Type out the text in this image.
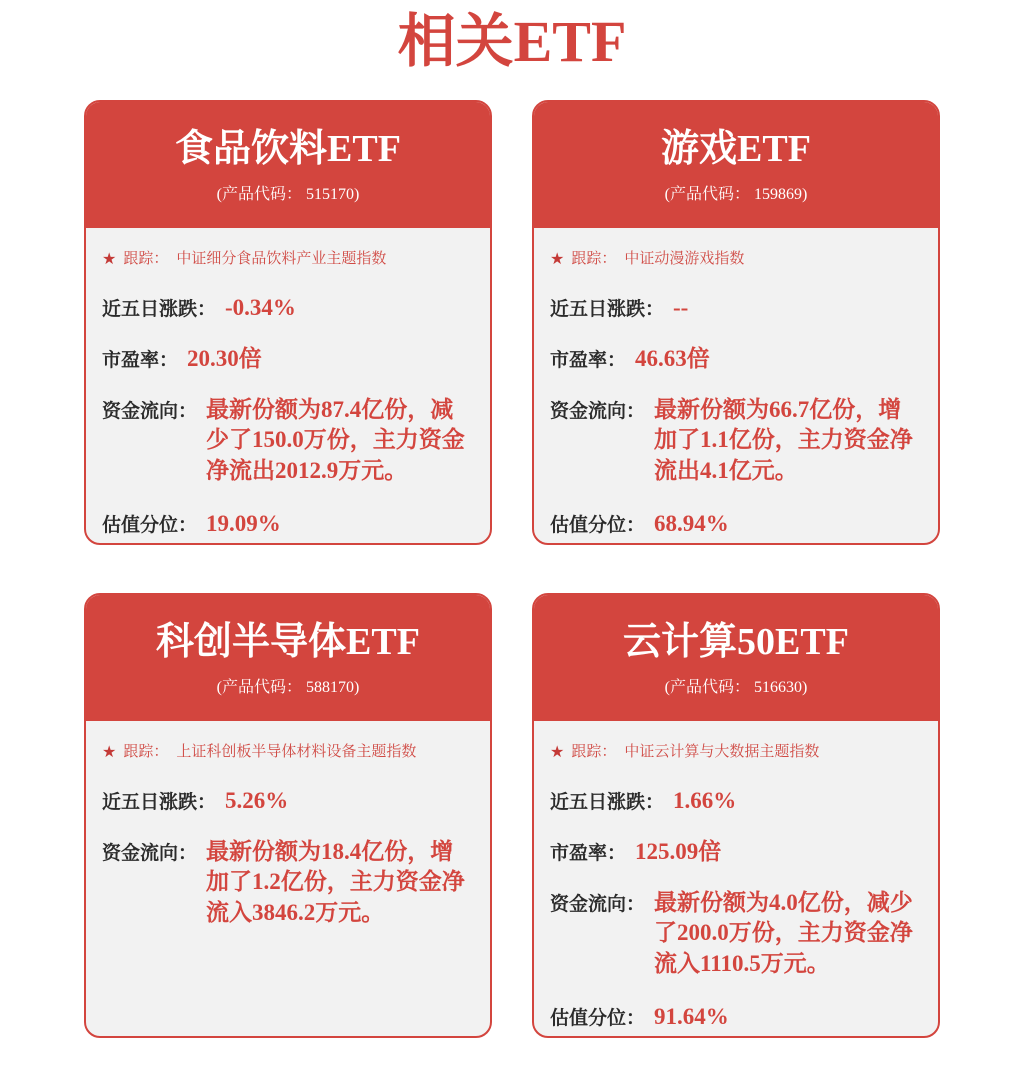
相关ETF
食品饮料ETF

(产品代码： 515170)

★ 跟踪： 中证细分食品饮料产业主题指数

近五日涨跌： -0.34%
市盈率： 20.30倍
资金流向： 最新份额为87.4亿份，减少了150.0万份，主力资金净流出2012.9万元。
估值分位： 19.09%
游戏ETF

(产品代码： 159869)

★ 跟踪： 中证动漫游戏指数

近五日涨跌： --
市盈率： 46.63倍
资金流向： 最新份额为66.7亿份，增加了1.1亿份，主力资金净流出4.1亿元。
估值分位： 68.94%
科创半导体ETF

(产品代码： 588170)

★ 跟踪： 上证科创板半导体材料设备主题指数

近五日涨跌： 5.26%
资金流向： 最新份额为18.4亿份，增加了1.2亿份，主力资金净流入3846.2万元。
云计算50ETF

(产品代码： 516630)

★ 跟踪： 中证云计算与大数据主题指数

近五日涨跌： 1.66%
市盈率： 125.09倍
资金流向： 最新份额为4.0亿份，减少了200.0万份，主力资金净流入1110.5万元。
估值分位： 91.64%
